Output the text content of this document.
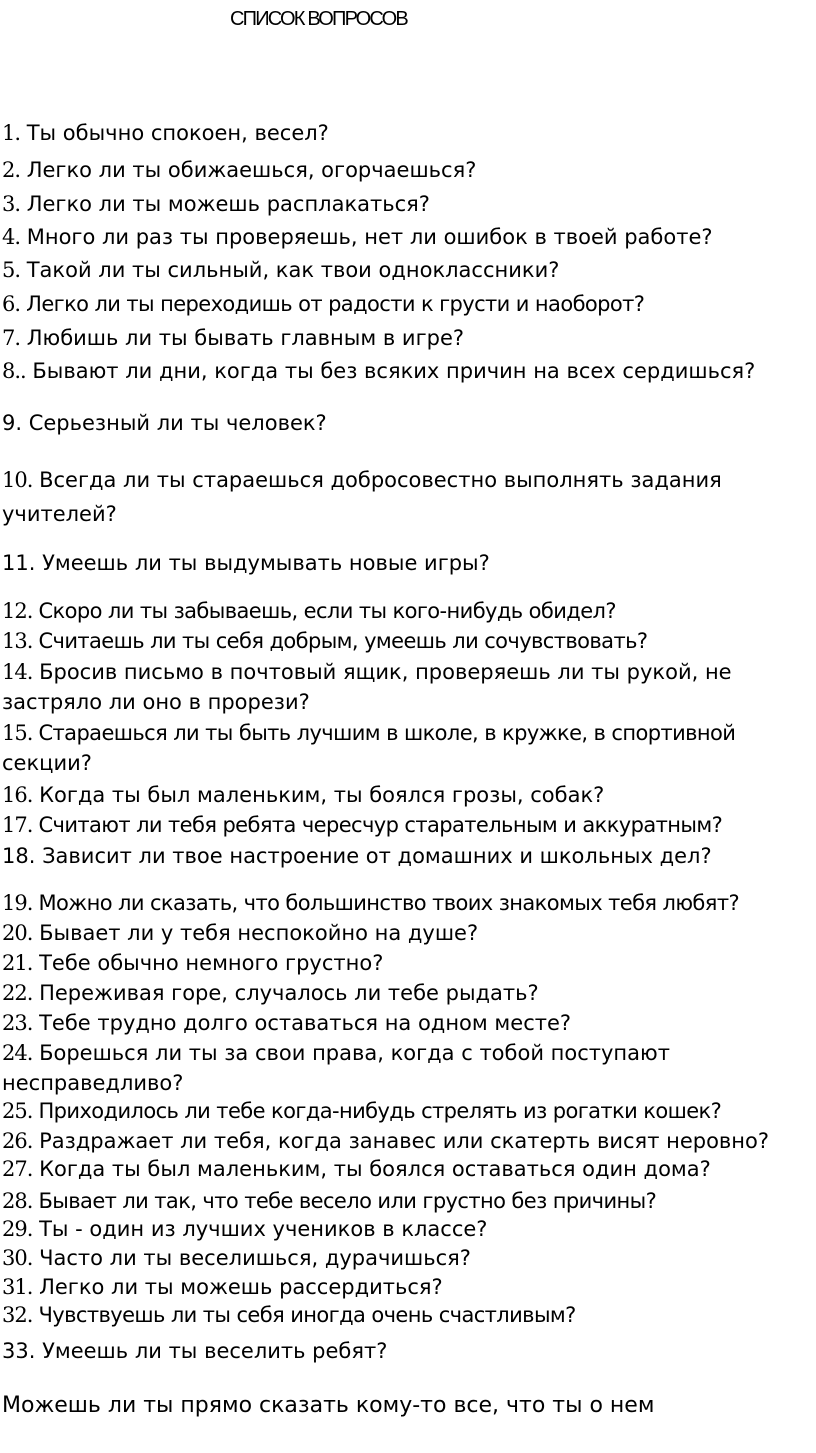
СПИСОК ВОПРОСОВ
1. Ты обычно спокоен, весел?
2. Легко ли ты обижаешься, огорчаешься?
3. Легко ли ты можешь расплакаться?
4. Много ли раз ты проверяешь, нет ли ошибок в твоей работе?
5. Такой ли ты сильный, как твои одноклассники?
6. Легко ли ты переходишь от радости к грусти и наоборот?
7. Любишь ли ты бывать главным в игре?
8.. Бывают ли дни, когда ты без всяких причин на всех сердишься?
9. Серьезный ли ты человек?
10. Всегда ли ты стараешься добросовестно выполнять задания
учителей?
11. Умеешь ли ты выдумывать новые игры?
12. Скоро ли ты забываешь, если ты кого-нибудь обидел?
13. Считаешь ли ты себя добрым, умеешь ли сочувствовать?
14. Бросив письмо в почтовый ящик, проверяешь ли ты рукой, не
застряло ли оно в прорези?
15. Стараешься ли ты быть лучшим в школе, в кружке, в спортивной
секции?
16. Когда ты был маленьким, ты боялся грозы, собак?
17. Считают ли тебя ребята чересчур старательным и аккуратным?
18. Зависит ли твое настроение от домашних и школьных дел?
19. Можно ли сказать, что большинство твоих знакомых тебя любят?
20. Бывает ли у тебя неспокойно на душе?
21. Тебе обычно немного грустно?
22. Переживая горе, случалось ли тебе рыдать?
23. Тебе трудно долго оставаться на одном месте?
24. Борешься ли ты за свои права, когда с тобой поступают
несправедливо?
25. Приходилось ли тебе когда-нибудь стрелять из рогатки кошек?
26. Раздражает ли тебя, когда занавес или скатерть висят неровно?
27. Когда ты был маленьким, ты боялся оставаться один дома?
28. Бывает ли так, что тебе весело или грустно без причины?
29. Ты - один из лучших учеников в классе?
30. Часто ли ты веселишься, дурачишься?
31. Легко ли ты можешь рассердиться?
32. Чувствуешь ли ты себя иногда очень счастливым?
33. Умеешь ли ты веселить ребят?
Можешь ли ты прямо сказать кому-то все, что ты о нем
